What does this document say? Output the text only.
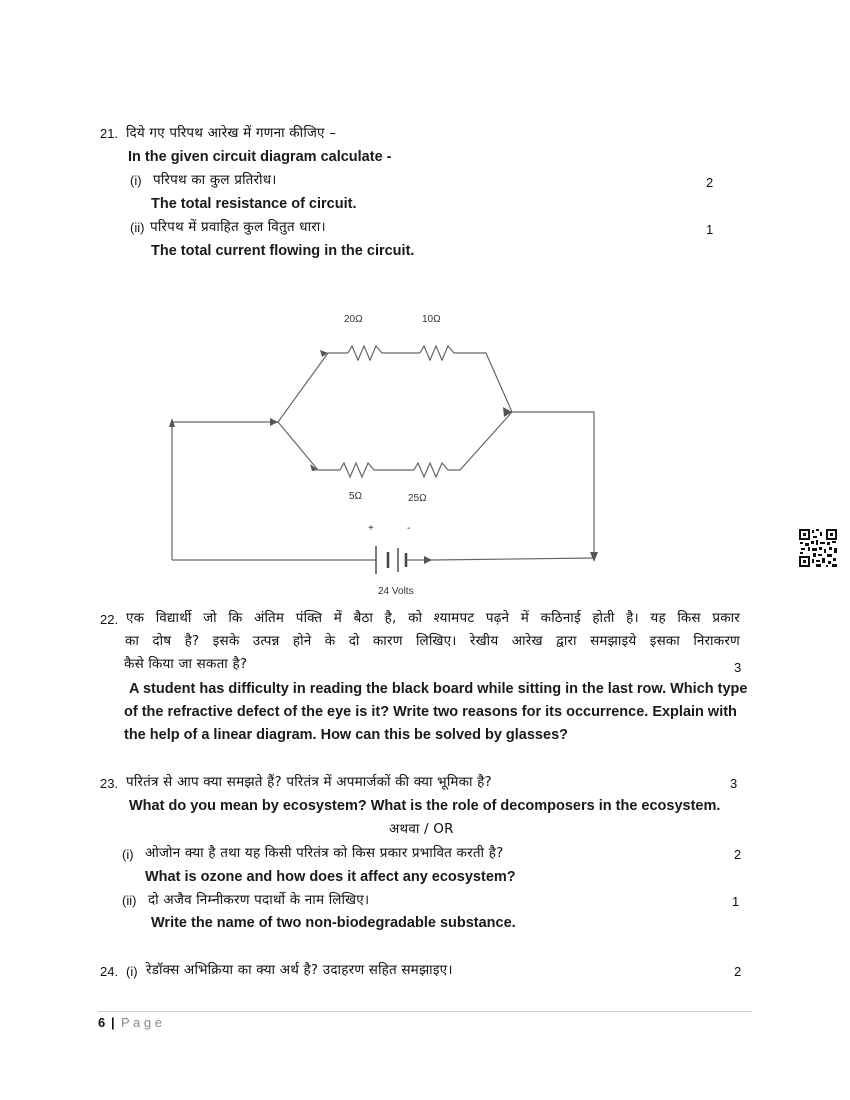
21. दिये गए परिपथ आरेख में गणना कीजिए –
In the given circuit diagram calculate -
(i) परिपथ का कुल प्रतिरोध।	2
The total resistance of circuit.
(ii) परिपथ में प्रवाहित कुल वितुत धारा।	1
The total current flowing in the circuit.
20Ω	10Ω
5Ω	25Ω
+	-
24 Volts
22. एक विद्यार्थी जो कि अंतिम पंक्ति में बैठा है, को श्यामपट पढ़ने में कठिनाई होती है। यह किस प्रकार
का दोष है? इसके उत्पन्न होने के दो कारण लिखिए। रेखीय आरेख द्वारा समझाइये इसका निराकरण
कैसे किया जा सकता है?	3
A student has difficulty in reading the black board while sitting in the last row. Which type
of the refractive defect of the eye is it? Write two reasons for its occurrence. Explain with
the help of a linear diagram. How can this be solved by glasses?
23. परितंत्र से आप क्या समझते हैं? परितंत्र में अपमार्जकों की क्या भूमिका है?	3
What do you mean by ecosystem? What is the role of decomposers in the ecosystem.
अथवा / OR
(i) ओजोन क्या है तथा यह किसी परितंत्र को किस प्रकार प्रभावित करती है?	2
What is ozone and how does it affect any ecosystem?
(ii) दो अजैव निम्नीकरण पदार्थो के नाम लिखिए।	1
Write the name of two non-biodegradable substance.
24. (i) रेडॉक्स अभिक्रिया का क्या अर्थ है? उदाहरण सहित समझाइए।	2
6 | P a g e
